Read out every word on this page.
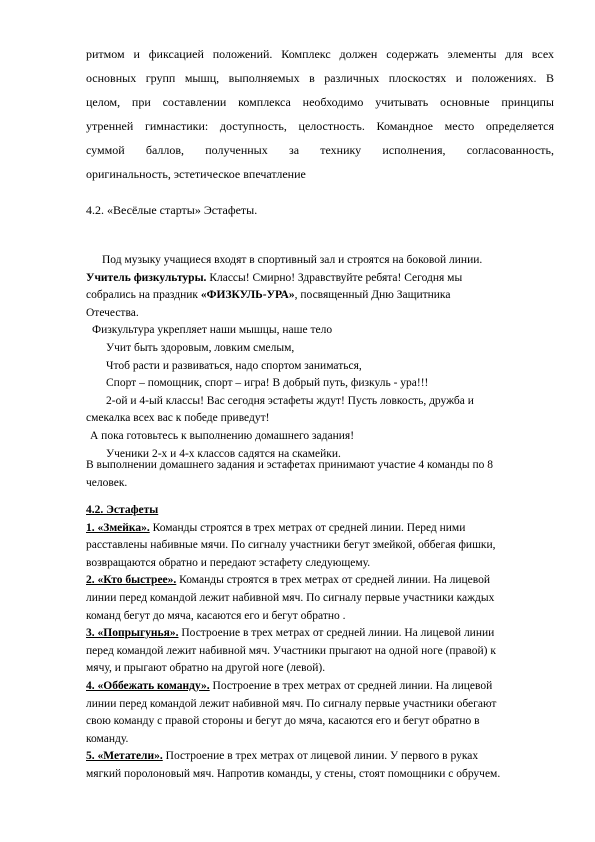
ритмом и фиксацией положений. Комплекс должен содержать элементы для всех
основных групп мышц, выполняемых в различных плоскостях и положениях. В
целом, при составлении комплекса необходимо учитывать основные принципы
утренней гимнастики: доступность, целостность. Командное место определяется
суммой баллов, полученных за технику исполнения, согласованность,
оригинальность, эстетическое впечатление
4.2. «Весёлые старты» Эстафеты.
Под музыку учащиеся входят в спортивный зал и строятся на боковой линии.
Учитель физкультуры. Классы! Смирно! Здравствуйте ребята! Сегодня мы
собрались на праздник «ФИЗКУЛЬ-УРА», посвященный Дню Защитника
Отечества.
Физкультура укрепляет наши мышцы, наше тело
Учит быть здоровым, ловким смелым,
Чтоб расти и развиваться, надо спортом заниматься,
Спорт – помощник, спорт – игра! В добрый путь, физкуль - ура!!!
2-ой и 4-ый классы! Вас сегодня эстафеты ждут! Пусть ловкость, дружба и
смекалка всех вас к победе приведут!
А пока готовьтесь к выполнению домашнего задания!
Ученики 2-х и 4-х классов садятся на скамейки.
В выполнении домашнего задания и эстафетах принимают участие 4 команды по 8
человек.
4.2. Эстафеты
1. «Змейка». Команды строятся в трех метрах от средней линии. Перед ними
расставлены набивные мячи. По сигналу участники бегут змейкой, оббегая фишки,
возвращаются обратно и передают эстафету следующему.
2. «Кто быстрее». Команды строятся в трех метрах от средней линии. На лицевой
линии перед командой лежит набивной мяч. По сигналу первые участники каждых
команд бегут до мяча, касаются его и бегут обратно .
3. «Попрыгунья». Построение в трех метрах от средней линии. На лицевой линии
перед командой лежит набивной мяч. Участники прыгают на одной ноге (правой) к
мячу, и прыгают обратно на другой ноге (левой).
4. «Оббежать команду». Построение в трех метрах от средней линии. На лицевой
линии перед командой лежит набивной мяч. По сигналу первые участники обегают
свою команду с правой стороны и бегут до мяча, касаются его и бегут обратно в
команду.
5. «Метатели». Построение в трех метрах от лицевой линии. У первого в руках
мягкий поролоновый мяч. Напротив команды, у стены, стоят помощники с обручем.
